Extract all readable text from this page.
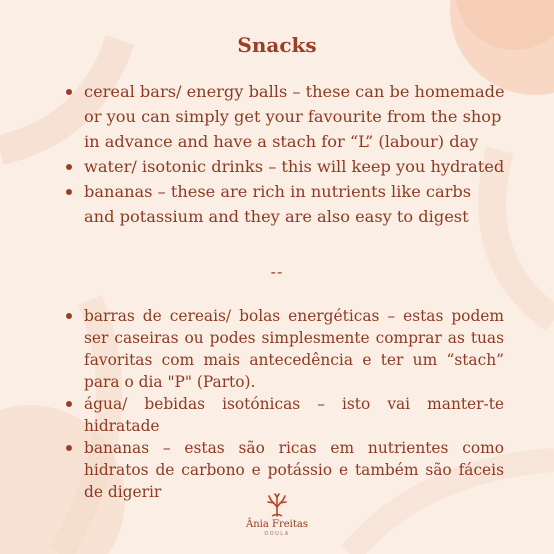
Snacks
cereal bars/ energy balls – these can be homemade or you can simply get your favourite from the shop in advance and have a stach for “L” (labour) day
water/ isotonic drinks – this will keep you hydrated
bananas – these are rich in nutrients like carbs and potassium and they are also easy to digest
--
barras de cereais/ bolas energéticas – estas podem ser caseiras ou podes simplesmente comprar as tuas favoritas com mais antecedência e ter um “stach” para o dia "P" (Parto).
água/ bebidas isotónicas – isto vai manter-te hidratade
bananas – estas são ricas em nutrientes como hidratos de carbono e potássio e também são fáceis de digerir
Ânia Freitas
DOULA
